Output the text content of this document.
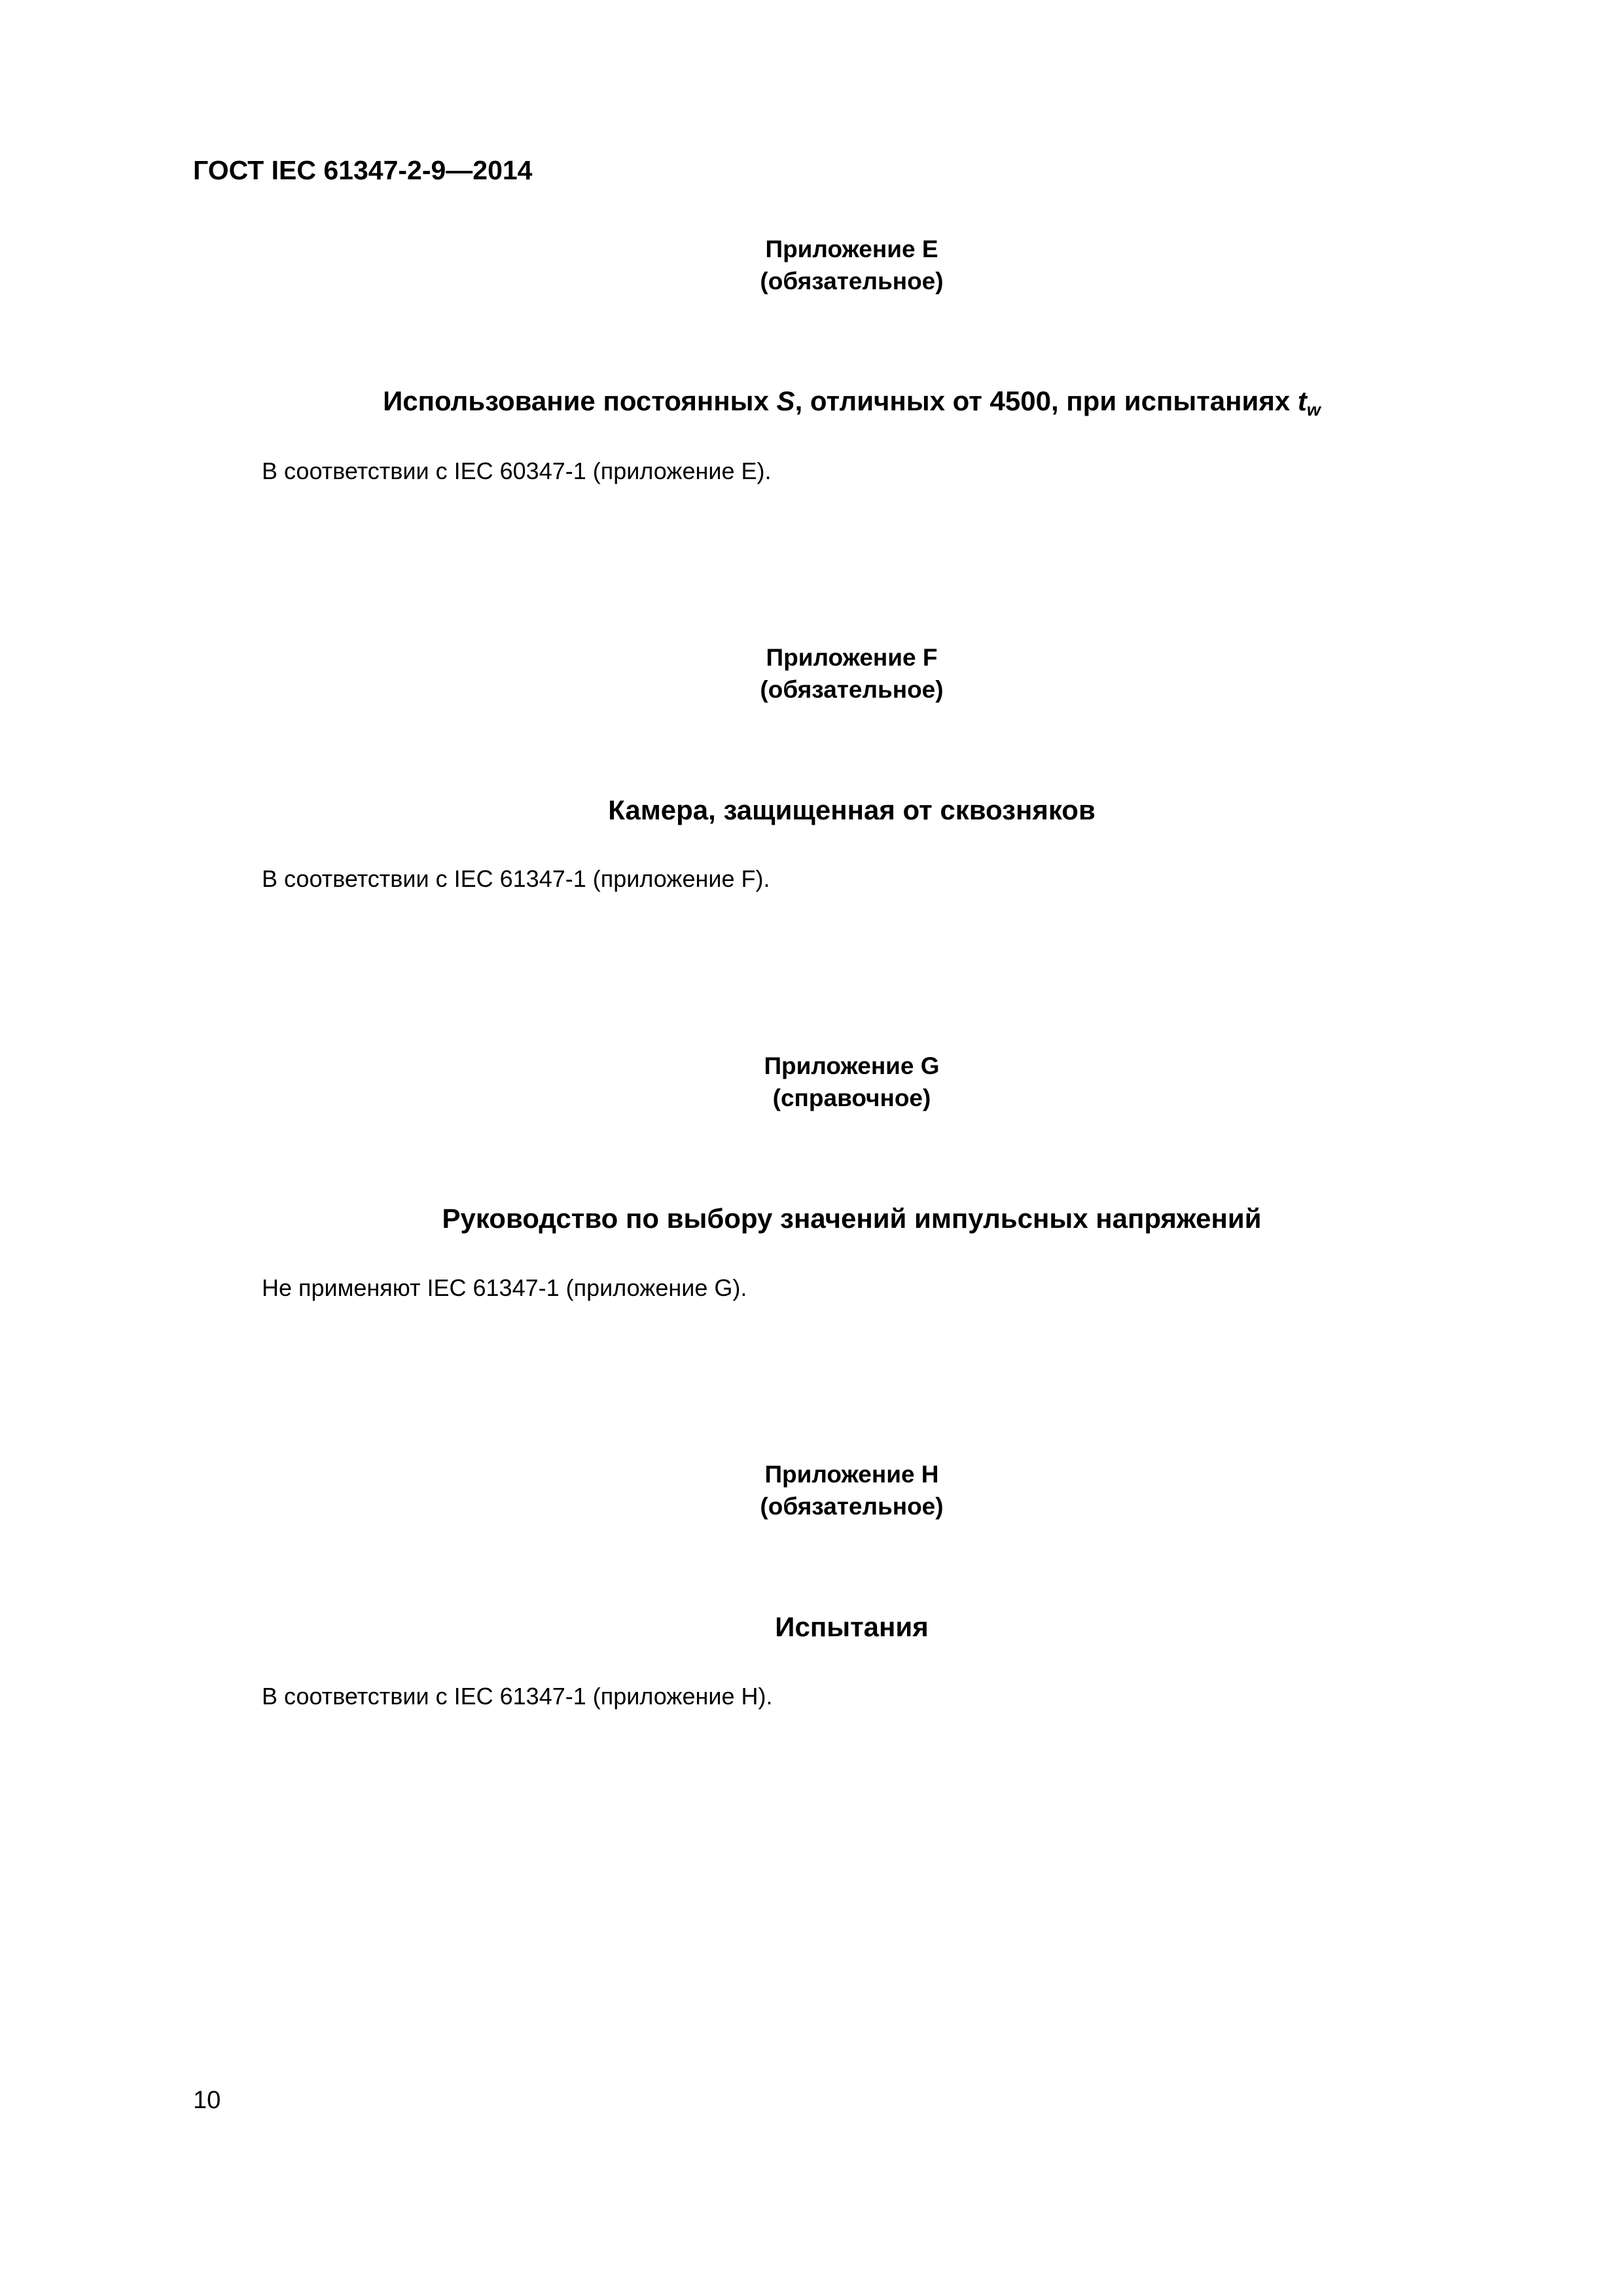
ГОСТ IEC 61347-2-9—2014
Приложение E
(обязательное)
Использование постоянных S, отличных от 4500, при испытаниях $t_w$
В соответствии с IEC 60347-1 (приложение E).
Приложение F
(обязательное)
Камера, защищенная от сквозняков
В соответствии с IEC 61347-1 (приложение F).
Приложение G
(справочное)
Руководство по выбору значений импульсных напряжений
Не применяют IEC 61347-1 (приложение G).
Приложение H
(обязательное)
Испытания
В соответствии с IEC 61347-1 (приложение H).
10
